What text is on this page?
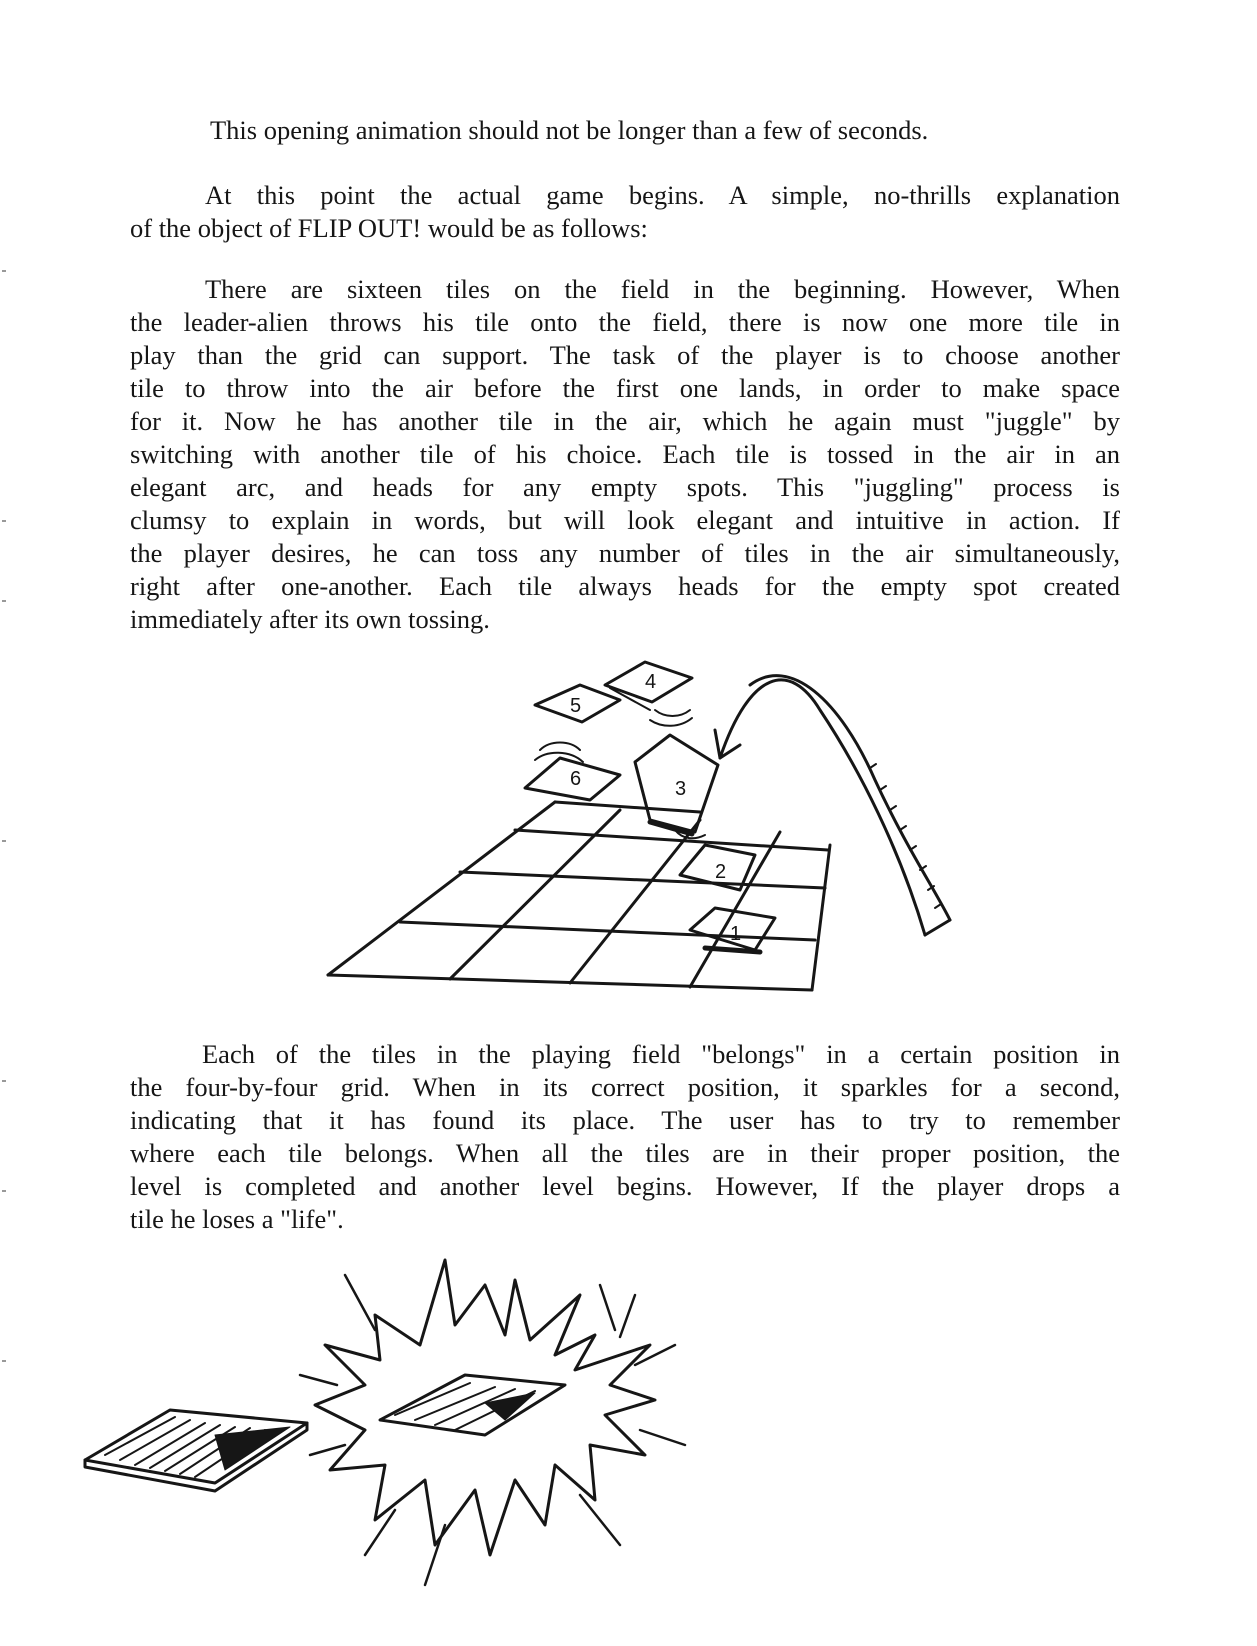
This opening animation should not be longer than a few of seconds.
At this point the actual game begins. A simple, no-thrills explanation
of the object of FLIP OUT! would be as follows:
There are sixteen tiles on the field in the beginning. However, When
the leader-alien throws his tile onto the field, there is now one more tile in
play than the grid can support. The task of the player is to choose another
tile to throw into the air before the first one lands, in order to make space
for it. Now he has another tile in the air, which he again must "juggle" by
switching with another tile of his choice. Each tile is tossed in the air in an
elegant arc, and heads for any empty spots. This "juggling" process is
clumsy to explain in words, but will look elegant and intuitive in action. If
the player desires, he can toss any number of tiles in the air simultaneously,
right after one-another. Each tile always heads for the empty spot created
immediately after its own tossing.
4
5
6	3
2
1
Each of the tiles in the playing field "belongs" in a certain position in
the four-by-four grid. When in its correct position, it sparkles for a second,
indicating that it has found its place. The user has to try to remember
where each tile belongs. When all the tiles are in their proper position, the
level is completed and another level begins. However, If the player drops a
tile he loses a "life".
